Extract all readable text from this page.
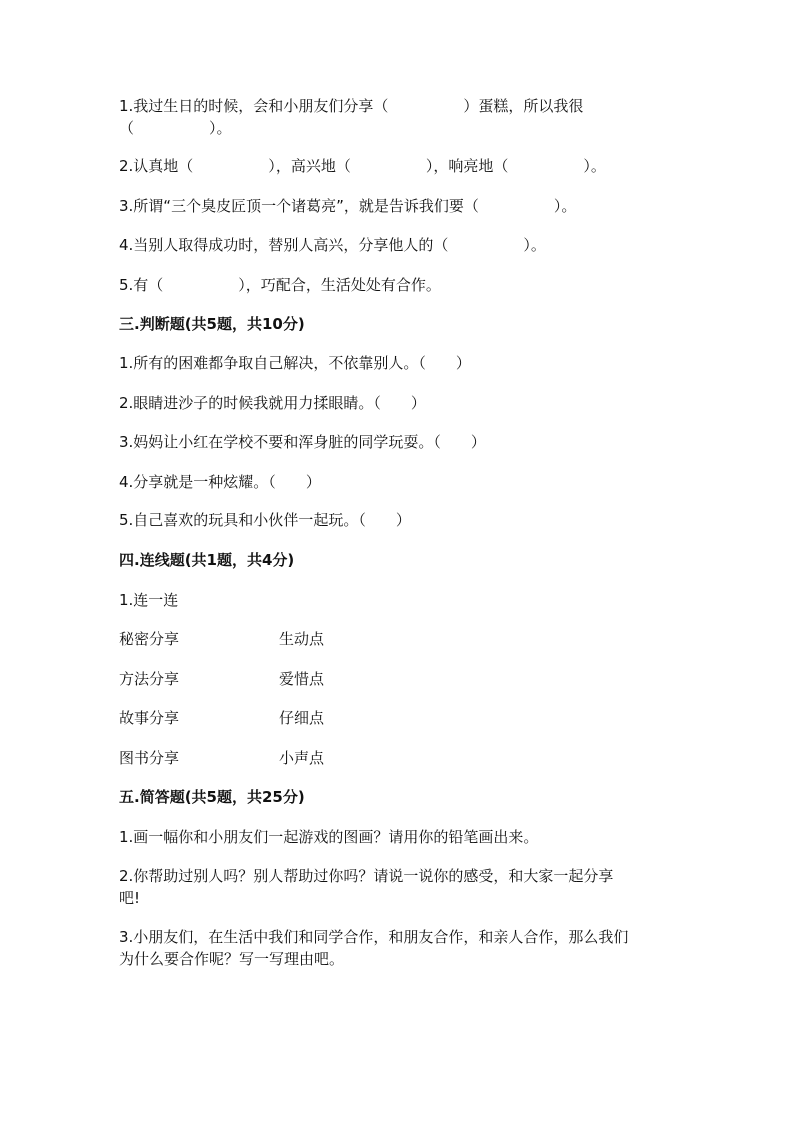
1.我过生日的时候，会和小朋友们分享（　　　　　）蛋糕，所以我很
（　　　　　）。
2.认真地（　　　　　），高兴地（　　　　　），响亮地（　　　　　）。
3.所谓“三个臭皮匠顶一个诸葛亮”，就是告诉我们要（　　　　　）。
4.当别人取得成功时，替别人高兴，分享他人的（　　　　　）。
5.有（　　　　　），巧配合，生活处处有合作。
三.判断题(共5题，共10分)
1.所有的困难都争取自己解决，不依靠别人。（　　）
2.眼睛进沙子的时候我就用力揉眼睛。（　　）
3.妈妈让小红在学校不要和浑身脏的同学玩耍。（　　）
4.分享就是一种炫耀。（　　）
5.自己喜欢的玩具和小伙伴一起玩。（　　）
四.连线题(共1题，共4分)
1.连一连
秘密分享	生动点
方法分享	爱惜点
故事分享	仔细点
图书分享	小声点
五.简答题(共5题，共25分)
1.画一幅你和小朋友们一起游戏的图画？请用你的铅笔画出来。
2.你帮助过别人吗？别人帮助过你吗？请说一说你的感受，和大家一起分享
吧!
3.小朋友们，在生活中我们和同学合作，和朋友合作，和亲人合作，那么我们
为什么要合作呢？写一写理由吧。
